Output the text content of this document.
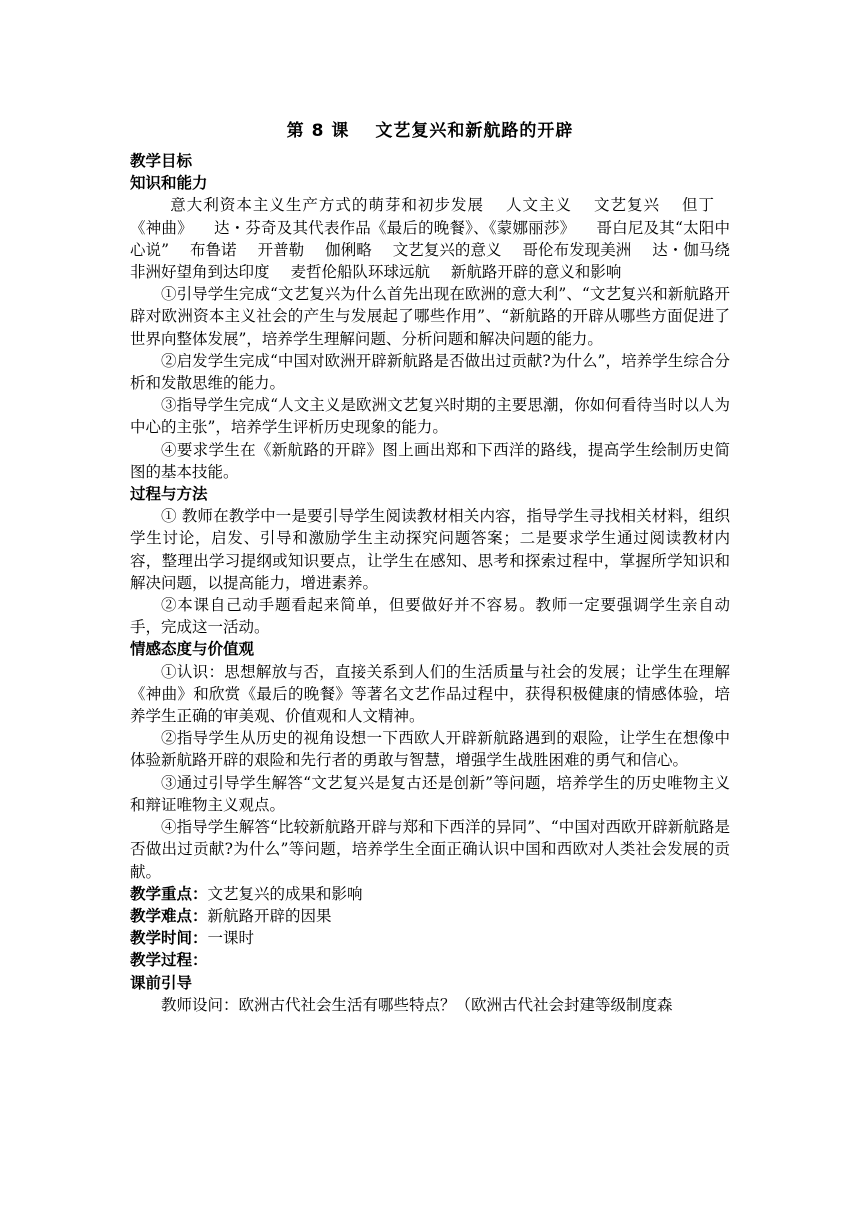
第 8 课 文艺复兴和新航路的开辟
教学目标
知识和能力

意大利资本主义生产方式的萌芽和初步发展 人文主义 文艺复兴 但丁 《神曲》 达・芬奇及其代表作品《最后的晚餐》、《蒙娜丽莎》 哥白尼及其“太阳中心说” 布鲁诺 开普勒 伽俐略 文艺复兴的意义 哥伦布发现美洲 达・伽马绕非洲好望角到达印度 麦哲伦船队环球远航 新航路开辟的意义和影响

①引导学生完成“文艺复兴为什么首先出现在欧洲的意大利”、“文艺复兴和新航路开辟对欧洲资本主义社会的产生与发展起了哪些作用”、“新航路的开辟从哪些方面促进了世界向整体发展”，培养学生理解问题、分析问题和解决问题的能力。

②启发学生完成“中国对欧洲开辟新航路是否做出过贡献?为什么”，培养学生综合分析和发散思维的能力。

③指导学生完成“人文主义是欧洲文艺复兴时期的主要思潮，你如何看待当时以人为中心的主张”，培养学生评析历史现象的能力。

④要求学生在《新航路的开辟》图上画出郑和下西洋的路线，提高学生绘制历史简图的基本技能。

过程与方法

① 教师在教学中一是要引导学生阅读教材相关内容，指导学生寻找相关材料，组织学生讨论，启发、引导和激励学生主动探究问题答案；二是要求学生通过阅读教材内容，整理出学习提纲或知识要点，让学生在感知、思考和探索过程中，掌握所学知识和解决问题，以提高能力，增进素养。

②本课自己动手题看起来简单，但要做好并不容易。教师一定要强调学生亲自动手，完成这一活动。

情感态度与价值观

①认识：思想解放与否，直接关系到人们的生活质量与社会的发展；让学生在理解《神曲》和欣赏《最后的晚餐》等著名文艺作品过程中，获得积极健康的情感体验，培养学生正确的审美观、价值观和人文精神。

②指导学生从历史的视角设想一下西欧人开辟新航路遇到的艰险，让学生在想像中体验新航路开辟的艰险和先行者的勇敢与智慧，增强学生战胜困难的勇气和信心。

③通过引导学生解答“文艺复兴是复古还是创新”等问题，培养学生的历史唯物主义和辩证唯物主义观点。

④指导学生解答“比较新航路开辟与郑和下西洋的异同”、“中国对西欧开辟新航路是否做出过贡献?为什么”等问题，培养学生全面正确认识中国和西欧对人类社会发展的贡献。

教学重点：文艺复兴的成果和影响
教学难点：新航路开辟的因果
教学时间：一课时
教学过程：
课前引导

教师设问：欧洲古代社会生活有哪些特点？（欧洲古代社会封建等级制度森
